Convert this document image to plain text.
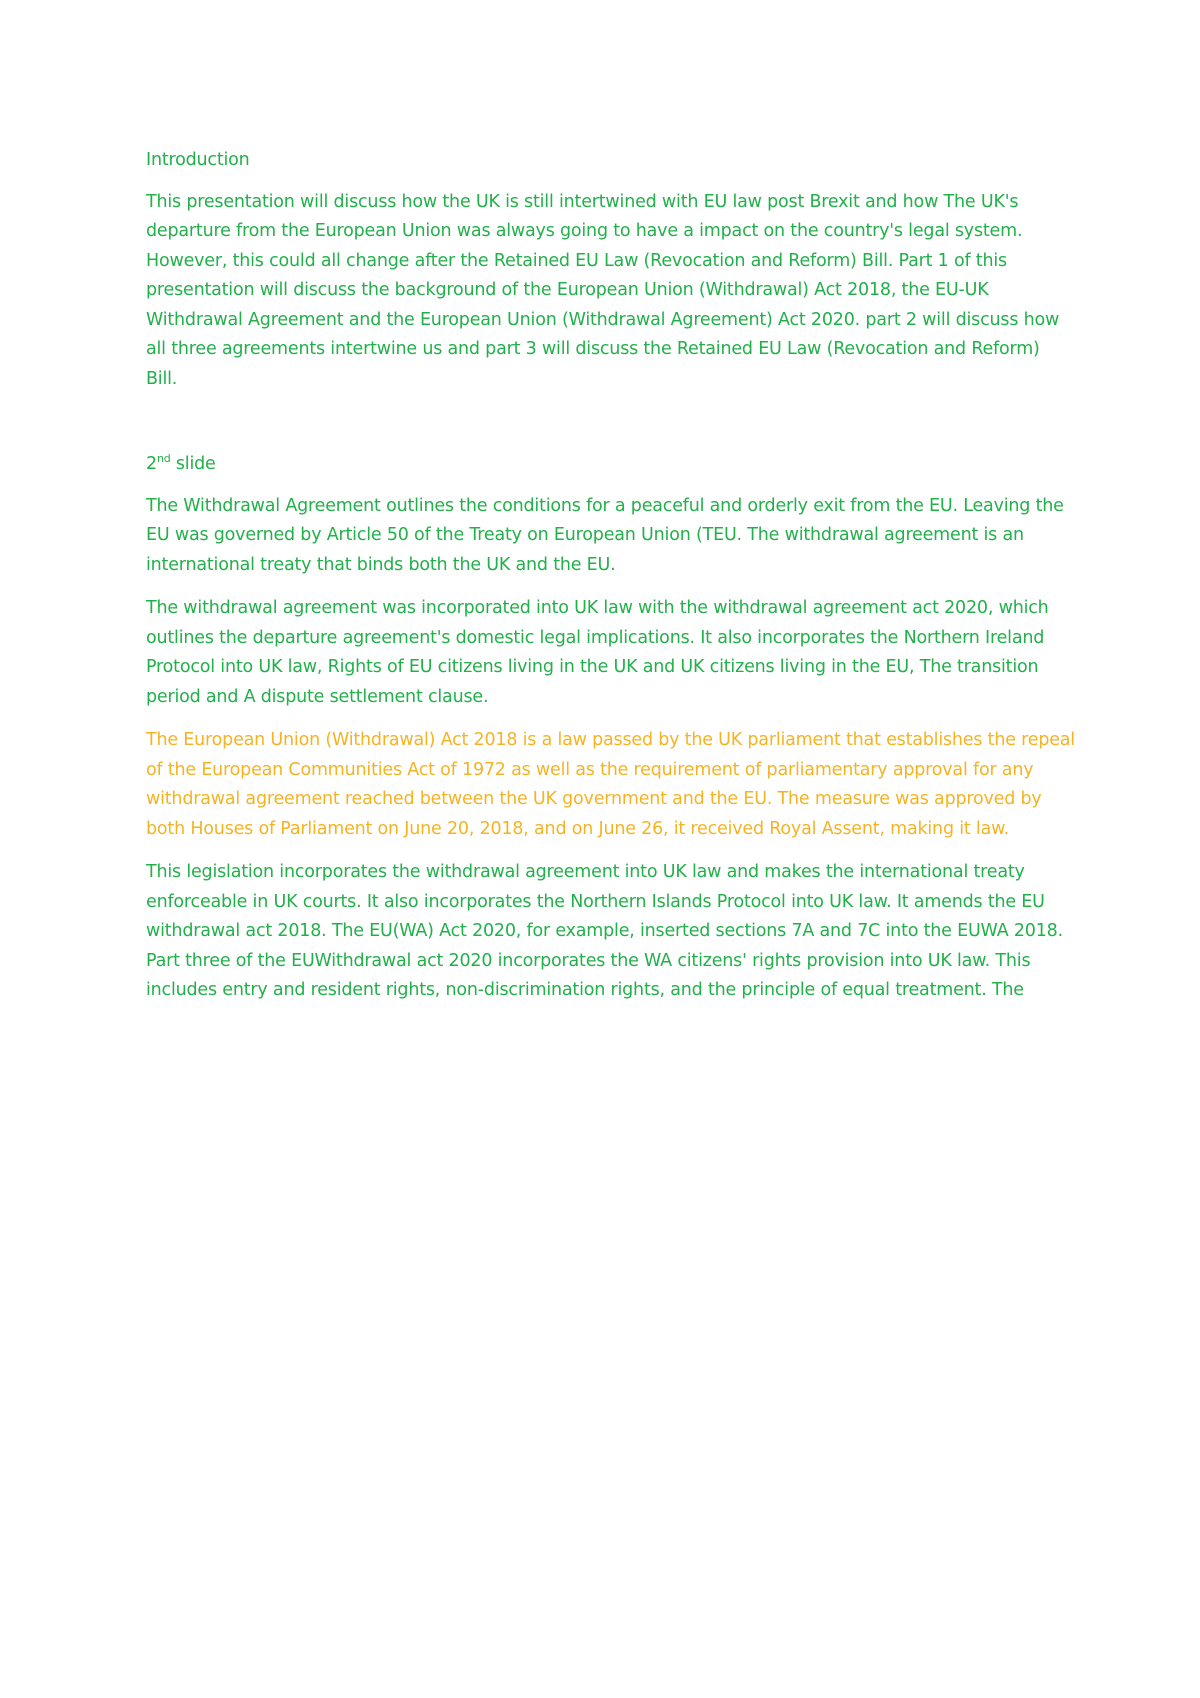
Introduction

This presentation will discuss how the UK is still intertwined with EU law post Brexit and how The UK's departure from the European Union was always going to have a impact on the country's legal system. However, this could all change after the Retained EU Law (Revocation and Reform) Bill. Part 1 of this presentation will discuss the background of the European Union (Withdrawal) Act 2018, the EU-UK Withdrawal Agreement and the European Union (Withdrawal Agreement) Act 2020. part 2 will discuss how all three agreements intertwine us and part 3 will discuss the Retained EU Law (Revocation and Reform) Bill.

2nd slide

The Withdrawal Agreement outlines the conditions for a peaceful and orderly exit from the EU. Leaving the EU was governed by Article 50 of the Treaty on European Union (TEU. The withdrawal agreement is an international treaty that binds both the UK and the EU.

The withdrawal agreement was incorporated into UK law with the withdrawal agreement act 2020, which outlines the departure agreement's domestic legal implications. It also incorporates the Northern Ireland Protocol into UK law, Rights of EU citizens living in the UK and UK citizens living in the EU, The transition period and A dispute settlement clause.

The European Union (Withdrawal) Act 2018 is a law passed by the UK parliament that establishes the repeal of the European Communities Act of 1972 as well as the requirement of parliamentary approval for any withdrawal agreement reached between the UK government and the EU. The measure was approved by both Houses of Parliament on June 20, 2018, and on June 26, it received Royal Assent, making it law.

This legislation incorporates the withdrawal agreement into UK law and makes the international treaty enforceable in UK courts. It also incorporates the Northern Islands Protocol into UK law. It amends the EU withdrawal act 2018. The EU(WA) Act 2020, for example, inserted sections 7A and 7C into the EUWA 2018. Part three of the EUWithdrawal act 2020 incorporates the WA citizens' rights provision into UK law. This includes entry and resident rights, non-discrimination rights, and the principle of equal treatment. The
